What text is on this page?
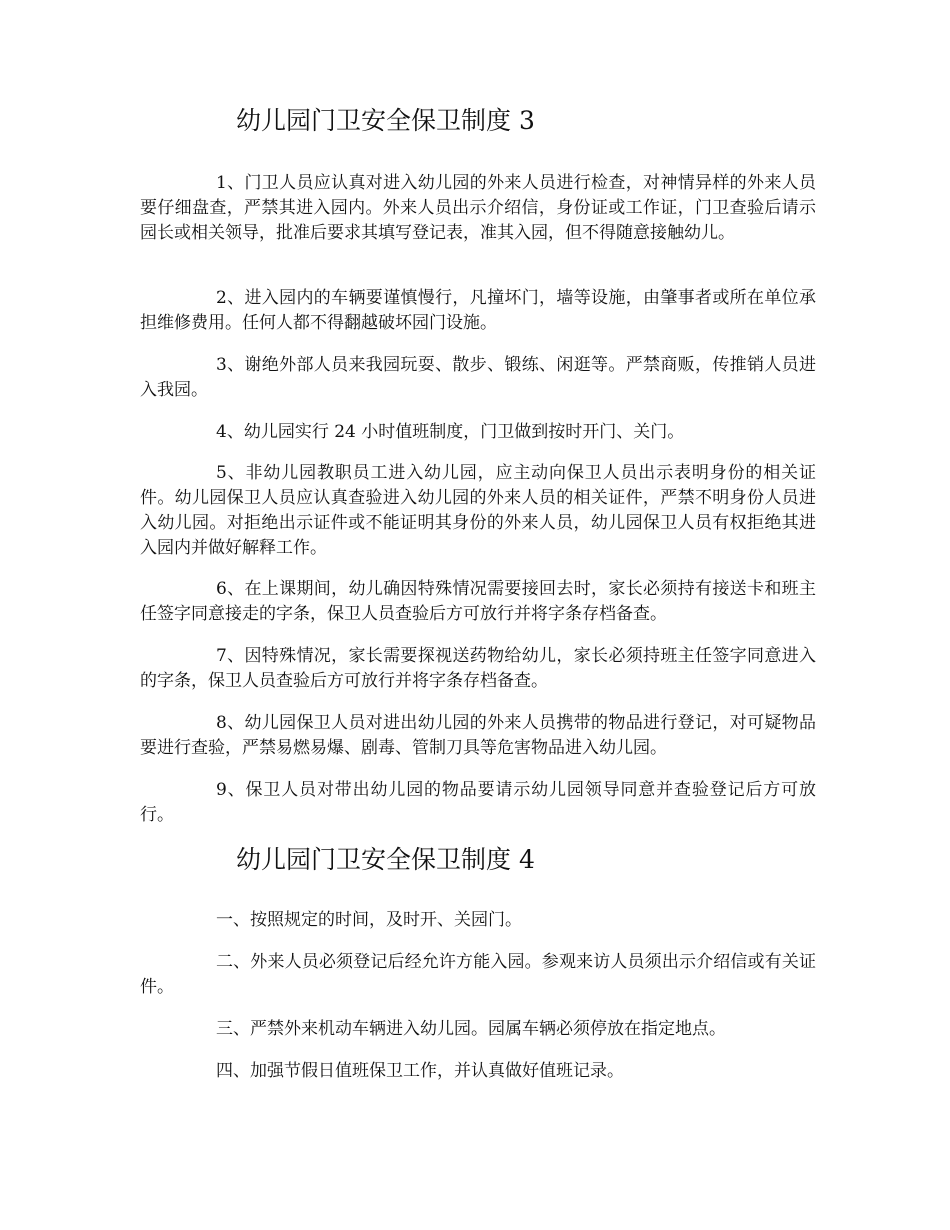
幼儿园门卫安全保卫制度 3

1、门卫人员应认真对进入幼儿园的外来人员进行检查，对神情异样的外来人员要仔细盘查，严禁其进入园内。外来人员出示介绍信，身份证或工作证，门卫查验后请示园长或相关领导，批准后要求其填写登记表，准其入园，但不得随意接触幼儿。

2、进入园内的车辆要谨慎慢行，凡撞坏门，墙等设施，由肇事者或所在单位承担维修费用。任何人都不得翻越破坏园门设施。

3、谢绝外部人员来我园玩耍、散步、锻练、闲逛等。严禁商贩，传推销人员进入我园。

4、幼儿园实行 24 小时值班制度，门卫做到按时开门、关门。

5、非幼儿园教职员工进入幼儿园，应主动向保卫人员出示表明身份的相关证件。幼儿园保卫人员应认真查验进入幼儿园的外来人员的相关证件，严禁不明身份人员进入幼儿园。对拒绝出示证件或不能证明其身份的外来人员，幼儿园保卫人员有权拒绝其进入园内并做好解释工作。

6、在上课期间，幼儿确因特殊情况需要接回去时，家长必须持有接送卡和班主任签字同意接走的字条，保卫人员查验后方可放行并将字条存档备查。

7、因特殊情况，家长需要探视送药物给幼儿，家长必须持班主任签字同意进入的字条，保卫人员查验后方可放行并将字条存档备查。

8、幼儿园保卫人员对进出幼儿园的外来人员携带的物品进行登记，对可疑物品要进行查验，严禁易燃易爆、剧毒、管制刀具等危害物品进入幼儿园。

9、保卫人员对带出幼儿园的物品要请示幼儿园领导同意并查验登记后方可放行。

幼儿园门卫安全保卫制度 4

一、按照规定的时间，及时开、关园门。

二、外来人员必须登记后经允许方能入园。参观来访人员须出示介绍信或有关证件。

三、严禁外来机动车辆进入幼儿园。园属车辆必须停放在指定地点。

四、加强节假日值班保卫工作，并认真做好值班记录。
